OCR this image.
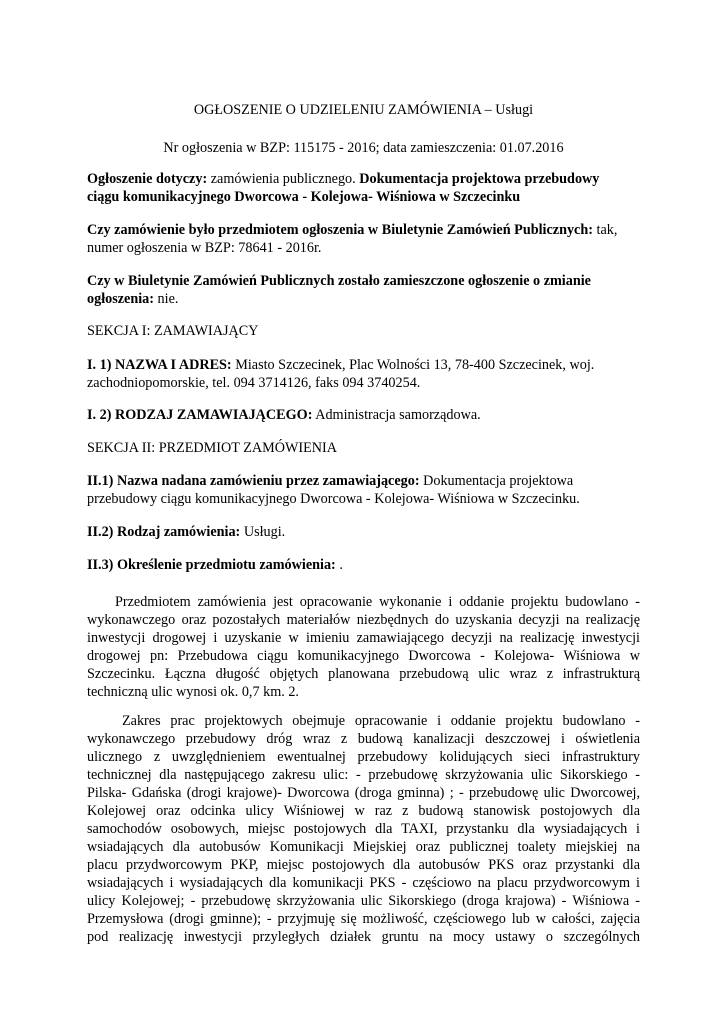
OGŁOSZENIE O UDZIELENIU ZAMÓWIENIA – Usługi
Nr ogłoszenia w BZP: 115175 - 2016; data zamieszczenia: 01.07.2016
Ogłoszenie dotyczy: zamówienia publicznego. Dokumentacja projektowa przebudowy
ciągu komunikacyjnego Dworcowa - Kolejowa- Wiśniowa w Szczecinku
Czy zamówienie było przedmiotem ogłoszenia w Biuletynie Zamówień Publicznych: tak,
numer ogłoszenia w BZP: 78641 - 2016r.
Czy w Biuletynie Zamówień Publicznych zostało zamieszczone ogłoszenie o zmianie
ogłoszenia: nie.
SEKCJA I: ZAMAWIAJĄCY
I. 1) NAZWA I ADRES: Miasto Szczecinek, Plac Wolności 13, 78-400 Szczecinek, woj.
zachodniopomorskie, tel. 094 3714126, faks 094 3740254.
I. 2) RODZAJ ZAMAWIAJĄCEGO: Administracja samorządowa.
SEKCJA II: PRZEDMIOT ZAMÓWIENIA
II.1) Nazwa nadana zamówieniu przez zamawiającego: Dokumentacja projektowa
przebudowy ciągu komunikacyjnego Dworcowa - Kolejowa- Wiśniowa w Szczecinku.
II.2) Rodzaj zamówienia: Usługi.
II.3) Określenie przedmiotu zamówienia: .
Przedmiotem zamówienia jest opracowanie wykonanie i oddanie projektu budowlano -
wykonawczego oraz pozostałych materiałów niezbędnych do uzyskania decyzji na realizację
inwestycji drogowej i uzyskanie w imieniu zamawiającego decyzji na realizację inwestycji
drogowej pn: Przebudowa ciągu komunikacyjnego Dworcowa - Kolejowa- Wiśniowa w
Szczecinku. Łączna długość objętych planowana przebudową ulic wraz z infrastrukturą
techniczną ulic wynosi ok. 0,7 km. 2.
Zakres prac projektowych obejmuje opracowanie i oddanie projektu budowlano -
wykonawczego przebudowy dróg wraz z budową kanalizacji deszczowej i oświetlenia
ulicznego z uwzględnieniem ewentualnej przebudowy kolidujących sieci infrastruktury
technicznej dla następującego zakresu ulic: - przebudowę skrzyżowania ulic Sikorskiego -
Pilska- Gdańska (drogi krajowe)- Dworcowa (droga gminna) ; - przebudowę ulic Dworcowej,
Kolejowej oraz odcinka ulicy Wiśniowej w raz z budową stanowisk postojowych dla
samochodów osobowych, miejsc postojowych dla TAXI, przystanku dla wysiadających i
wsiadających dla autobusów Komunikacji Miejskiej oraz publicznej toalety miejskiej na
placu przydworcowym PKP, miejsc postojowych dla autobusów PKS oraz przystanki dla
wsiadających i wysiadających dla komunikacji PKS - częściowo na placu przydworcowym i
ulicy Kolejowej; - przebudowę skrzyżowania ulic Sikorskiego (droga krajowa) - Wiśniowa -
Przemysłowa (drogi gminne); - przyjmuję się możliwość, częściowego lub w całości, zajęcia
pod realizację inwestycji przyległych działek gruntu na mocy ustawy o szczególnych
